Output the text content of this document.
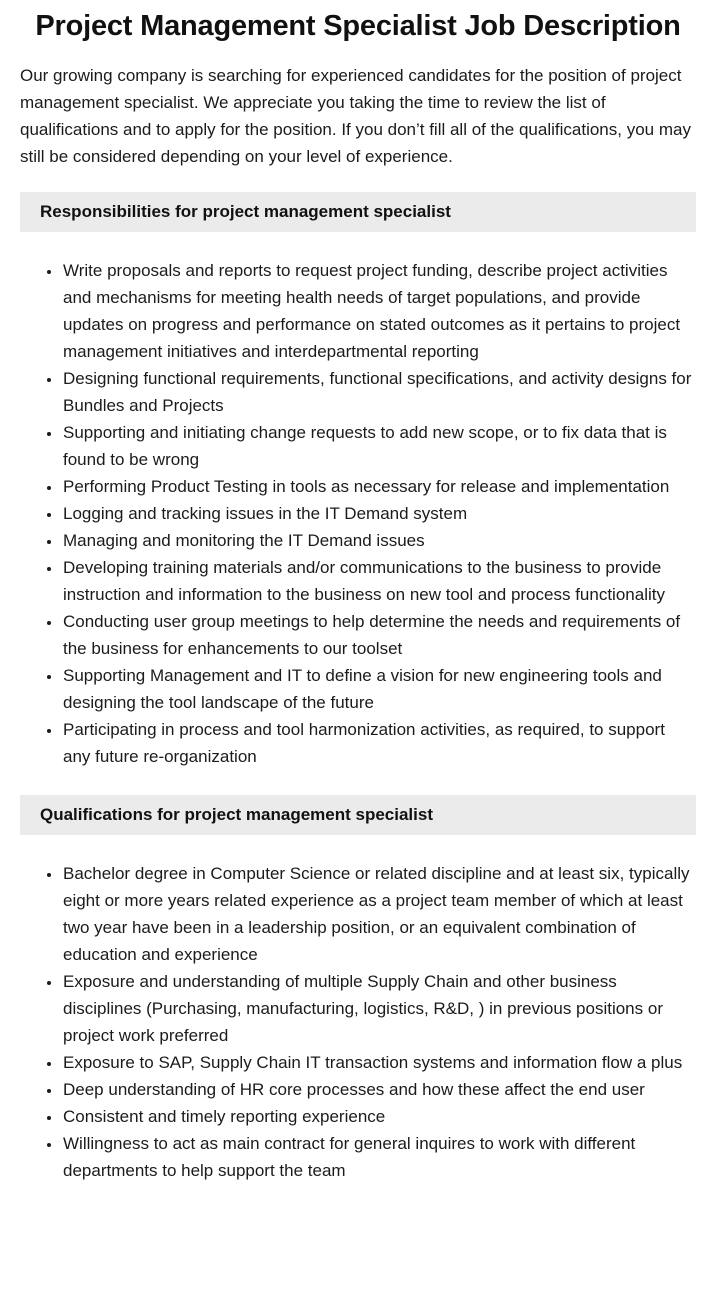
Project Management Specialist Job Description

Our growing company is searching for experienced candidates for the position of project management specialist. We appreciate you taking the time to review the list of qualifications and to apply for the position. If you don’t fill all of the qualifications, you may still be considered depending on your level of experience.

Responsibilities for project management specialist
• Write proposals and reports to request project funding, describe project activities and mechanisms for meeting health needs of target populations, and provide updates on progress and performance on stated outcomes as it pertains to project management initiatives and interdepartmental reporting
• Designing functional requirements, functional specifications, and activity designs for Bundles and Projects
• Supporting and initiating change requests to add new scope, or to fix data that is found to be wrong
• Performing Product Testing in tools as necessary for release and implementation
• Logging and tracking issues in the IT Demand system
• Managing and monitoring the IT Demand issues
• Developing training materials and/or communications to the business to provide instruction and information to the business on new tool and process functionality
• Conducting user group meetings to help determine the needs and requirements of the business for enhancements to our toolset
• Supporting Management and IT to define a vision for new engineering tools and designing the tool landscape of the future
• Participating in process and tool harmonization activities, as required, to support any future re-organization
Qualifications for project management specialist
• Bachelor degree in Computer Science or related discipline and at least six, typically eight or more years related experience as a project team member of which at least two year have been in a leadership position, or an equivalent combination of education and experience
• Exposure and understanding of multiple Supply Chain and other business disciplines (Purchasing, manufacturing, logistics, R&D, ) in previous positions or project work preferred
• Exposure to SAP, Supply Chain IT transaction systems and information flow a plus
• Deep understanding of HR core processes and how these affect the end user
• Consistent and timely reporting experience
• Willingness to act as main contract for general inquires to work with different departments to help support the team
